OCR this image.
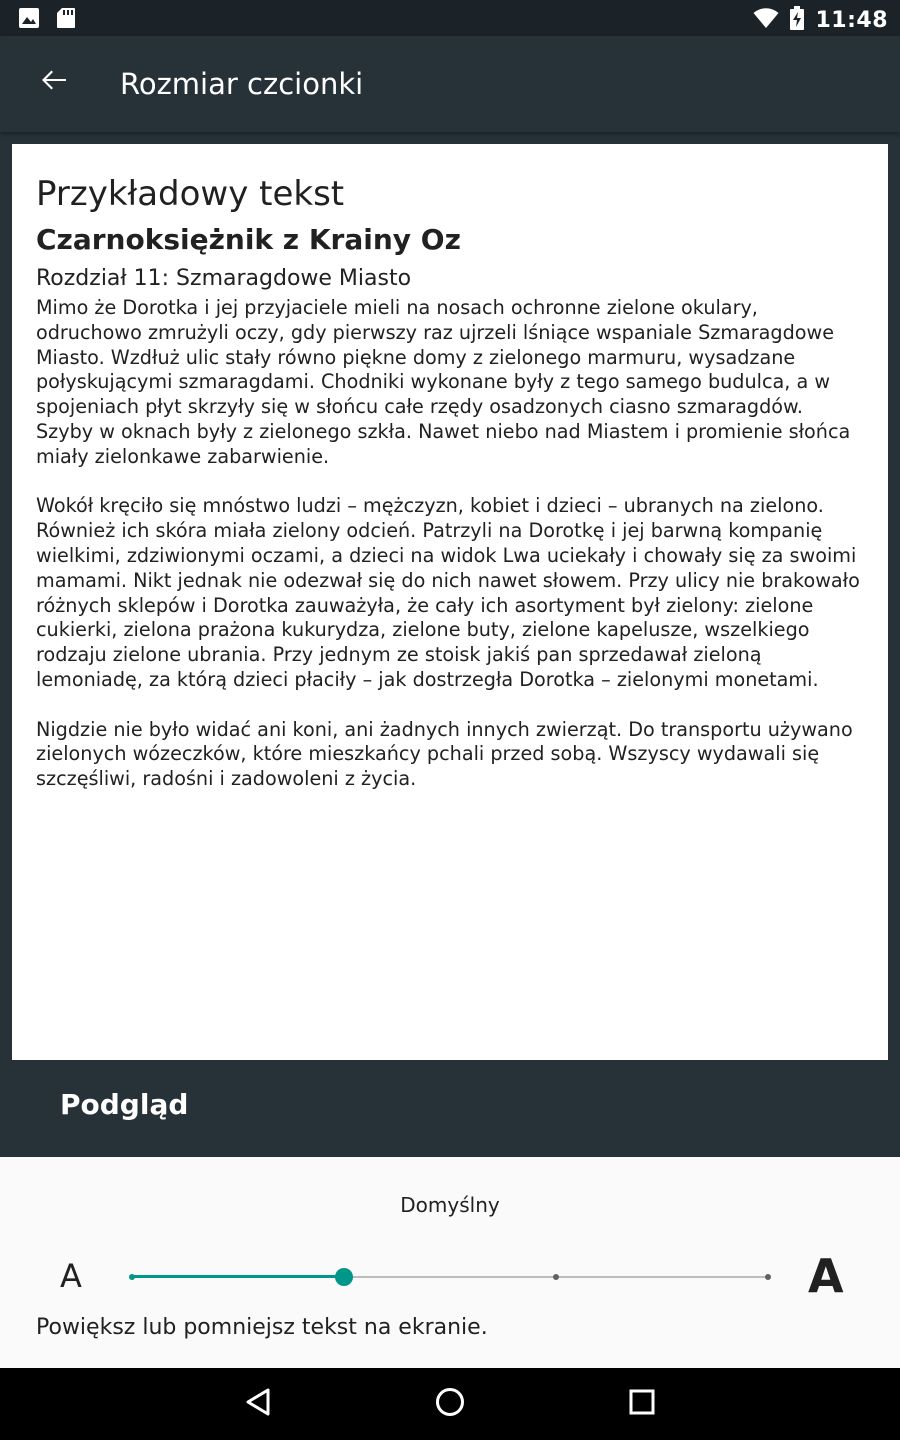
11:48
Rozmiar czcionki
Przykładowy tekst
Czarnoksiężnik z Krainy Oz
Rozdział 11: Szmaragdowe Miasto

Mimo że Dorotka i jej przyjaciele mieli na nosach ochronne zielone okulary, odruchowo zmrużyli oczy, gdy pierwszy raz ujrzeli lśniące wspaniale Szmaragdowe Miasto. Wzdłuż ulic stały równo piękne domy z zielonego marmuru, wysadzane połyskującymi szmaragdami. Chodniki wykonane były z tego samego budulca, a w spojeniach płyt skrzyły się w słońcu całe rzędy osadzonych ciasno szmaragdów. Szyby w oknach były z zielonego szkła. Nawet niebo nad Miastem i promienie słońca miały zielonkawe zabarwienie.

Wokół kręciło się mnóstwo ludzi – mężczyzn, kobiet i dzieci – ubranych na zielono. Również ich skóra miała zielony odcień. Patrzyli na Dorotkę i jej barwną kompanię wielkimi, zdziwionymi oczami, a dzieci na widok Lwa uciekały i chowały się za swoimi mamami. Nikt jednak nie odezwał się do nich nawet słowem. Przy ulicy nie brakowało różnych sklepów i Dorotka zauważyła, że cały ich asortyment był zielony: zielone cukierki, zielona prażona kukurydza, zielone buty, zielone kapelusze, wszelkiego rodzaju zielone ubrania. Przy jednym ze stoisk jakiś pan sprzedawał zieloną lemoniadę, za którą dzieci płaciły – jak dostrzegła Dorotka – zielonymi monetami.

Nigdzie nie było widać ani koni, ani żadnych innych zwierząt. Do transportu używano zielonych wózeczków, które mieszkańcy pchali przed sobą. Wszyscy wydawali się szczęśliwi, radośni i zadowoleni z życia.

Podgląd
Domyślny
A	A
Powiększ lub pomniejsz tekst na ekranie.
